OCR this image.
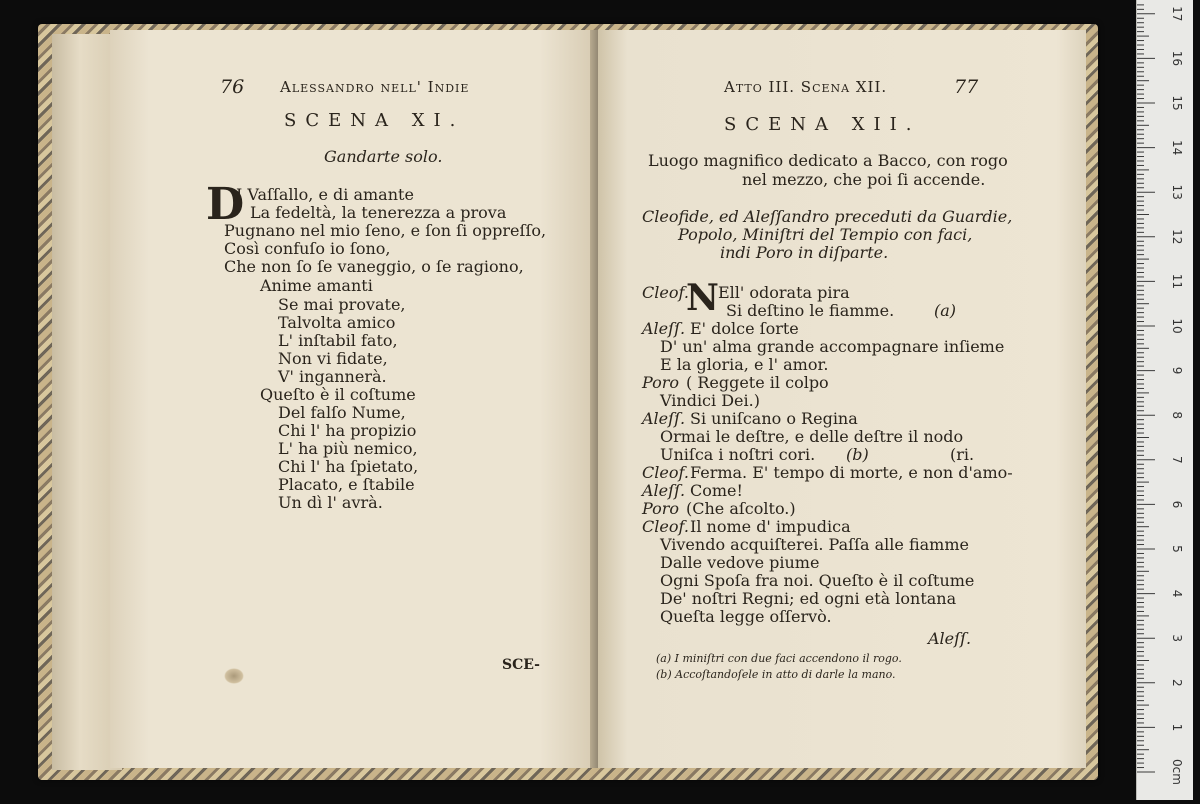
76 Alessandro nell' Indie
SCENA XI.
Gandarte solo.
D
I Vaſſallo, e di amante
La fedeltà, la tenerezza a prova
Pugnano nel mio ſeno, e ſon ſi oppreſſo,
Così confuſo io ſono,
Che non ſo ſe vaneggio, o ſe ragiono,
Anime amanti
Se mai provate,
Talvolta amico
L' inſtabil fato,
Non vi fidate,
V' ingannerà.
Queſto è il coſtume
Del falſo Nume,
Chi l' ha propizio
L' ha più nemico,
Chi l' ha ſpietato,
Placato, e ſtabile
Un dì l' avrà.
SCE-
Atto III. Scena XII.	77
SCENA XII.
Luogo magnifico dedicato a Bacco, con rogo
nel mezzo, che poi ſi accende.
Cleofide, ed Aleſſandro preceduti da Guardie,
Popolo, Miniſtri del Tempio con faci,
indi Poro in diſparte.
Cleof.
N Ell' odorata pira
Si deſtino le fiamme. (a)
Aleſſ. E' dolce ſorte
D' un' alma grande accompagnare inſieme
E la gloria, e l' amor.
Poro ( Reggete il colpo
Vindici Dei.)
Aleſſ. Si uniſcano o Regina
Ormai le deſtre, e delle deſtre il nodo
Uniſca i noſtri cori. (b)	(ri.
Cleof. Ferma. E' tempo di morte, e non d'amo-
Aleſſ. Come!
Poro (Che aſcolto.)
Cleof. Il nome d' impudica
Vivendo acquiſterei. Paſſa alle fiamme
Dalle vedove piume
Ogni Spoſa fra noi. Queſto è il coſtume
De' noſtri Regni; ed ogni età lontana
Queſta legge oſſervò.
Aleſſ.
(a) I miniſtri con due faci accendono il rogo.
(b) Accoſtandoſele in atto di darle la mano.
0cm
1
2
3
4
5
6
7
8
9
10
11
12
13
14
15
16
17
